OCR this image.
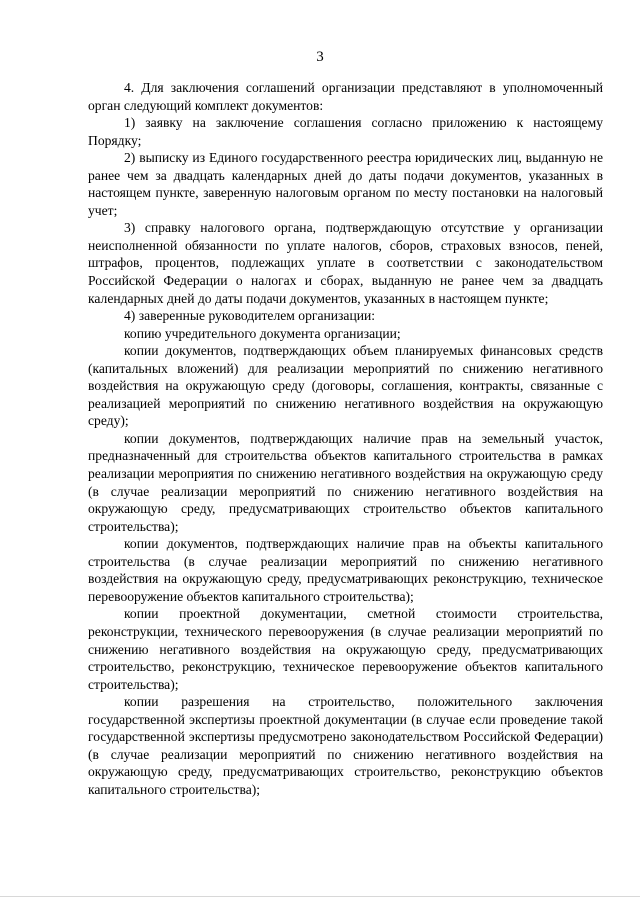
3

4. Для заключения соглашений организации представляют в уполномоченный орган следующий комплект документов:

1) заявку на заключение соглашения согласно приложению к настоящему Порядку;

2) выписку из Единого государственного реестра юридических лиц, выданную не ранее чем за двадцать календарных дней до даты подачи документов, указанных в настоящем пункте, заверенную налоговым органом по месту постановки на налоговый учет;

3) справку налогового органа, подтверждающую отсутствие у организации неисполненной обязанности по уплате налогов, сборов, страховых взносов, пеней, штрафов, процентов, подлежащих уплате в соответствии с законодательством Российской Федерации о налогах и сборах, выданную не ранее чем за двадцать календарных дней до даты подачи документов, указанных в настоящем пункте;

4) заверенные руководителем организации:

копию учредительного документа организации;

копии документов, подтверждающих объем планируемых финансовых средств (капитальных вложений) для реализации мероприятий по снижению негативного воздействия на окружающую среду (договоры, соглашения, контракты, связанные с реализацией мероприятий по снижению негативного воздействия на окружающую среду);

копии документов, подтверждающих наличие прав на земельный участок, предназначенный для строительства объектов капитального строительства в рамках реализации мероприятия по снижению негативного воздействия на окружающую среду (в случае реализации мероприятий по снижению негативного воздействия на окружающую среду, предусматривающих строительство объектов капитального строительства);

копии документов, подтверждающих наличие прав на объекты капитального строительства (в случае реализации мероприятий по снижению негативного воздействия на окружающую среду, предусматривающих реконструкцию, техническое перевооружение объектов капитального строительства);

копии проектной документации, сметной стоимости строительства, реконструкции, технического перевооружения (в случае реализации мероприятий по снижению негативного воздействия на окружающую среду, предусматривающих строительство, реконструкцию, техническое перевооружение объектов капитального строительства);

копии разрешения на строительство, положительного заключения государственной экспертизы проектной документации (в случае если проведение такой государственной экспертизы предусмотрено законодательством Российской Федерации) (в случае реализации мероприятий по снижению негативного воздействия на окружающую среду, предусматривающих строительство, реконструкцию объектов капитального строительства);
